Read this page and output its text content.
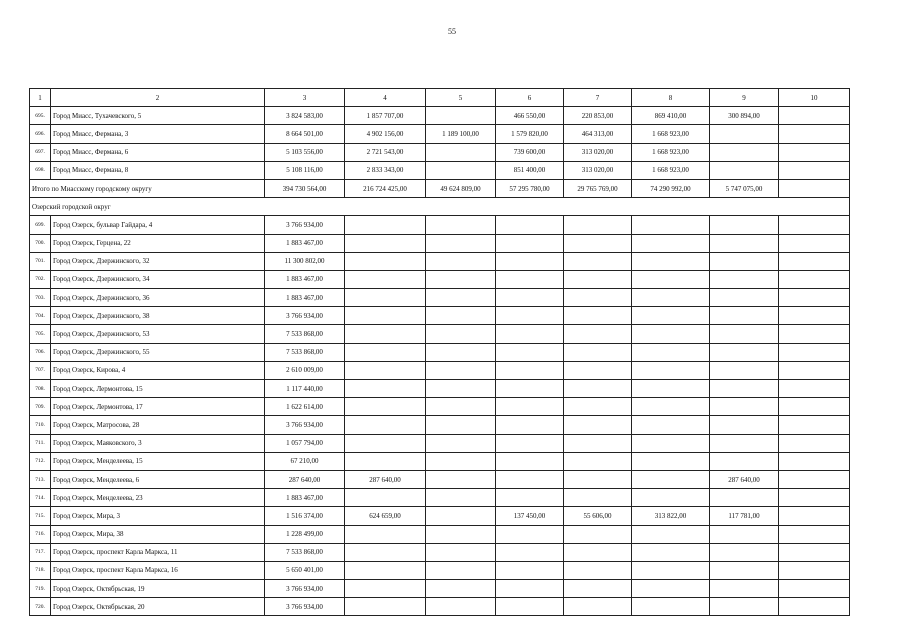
55
1	2	3	4	5	6	7	8	9	10
695.	Город Миасс, Тухачевского, 5	3 824 583,00	1 857 707,00		466 550,00	220 853,00	869 410,00	300 894,00	
696.	Город Миасс, Фермана, 3	8 664 501,00	4 902 156,00	1 189 100,00	1 579 820,00	464 313,00	1 668 923,00		
697.	Город Миасс, Фермана, 6	5 103 556,00	2 721 543,00		739 600,00	313 020,00	1 668 923,00		
698.	Город Миасс, Фермана, 8	5 108 116,00	2 833 343,00		851 400,00	313 020,00	1 668 923,00		
Итого по Миасскому городскому округу		394 730 564,00	216 724 425,00	49 624 809,00	57 295 780,00	29 765 769,00	74 290 992,00	5 747 075,00	
Озерский городской округ									
699.	Город Озерск, бульвар Гайдара, 4	3 766 934,00							
700.	Город Озерск, Герцена, 22	1 883 467,00							
701.	Город Озерск, Дзержинского, 32	11 300 802,00							
702.	Город Озерск, Дзержинского, 34	1 883 467,00							
703.	Город Озерск, Дзержинского, 36	1 883 467,00							
704.	Город Озерск, Дзержинского, 38	3 766 934,00							
705.	Город Озерск, Дзержинского, 53	7 533 868,00							
706.	Город Озерск, Дзержинского, 55	7 533 868,00							
707.	Город Озерск, Кирова, 4	2 610 009,00							
708.	Город Озерск, Лермонтова, 15	1 117 440,00							
709.	Город Озерск, Лермонтова, 17	1 622 614,00							
710.	Город Озерск, Матросова, 28	3 766 934,00							
711.	Город Озерск, Маяковского, 3	1 057 794,00							
712.	Город Озерск, Менделеева, 15	67 210,00							
713.	Город Озерск, Менделеева, 6	287 640,00	287 640,00					287 640,00	
714.	Город Озерск, Менделеева, 23	1 883 467,00							
715.	Город Озерск, Мира, 3	1 516 374,00	624 659,00		137 450,00	55 606,00	313 822,00	117 781,00	
716.	Город Озерск, Мира, 38	1 228 499,00							
717.	Город Озерск, проспект Карла Маркса, 11	7 533 868,00							
718.	Город Озерск, проспект Карла Маркса, 16	5 650 401,00							
719.	Город Озерск, Октябрьская, 19	3 766 934,00							
720.	Город Озерск, Октябрьская, 20	3 766 934,00							
